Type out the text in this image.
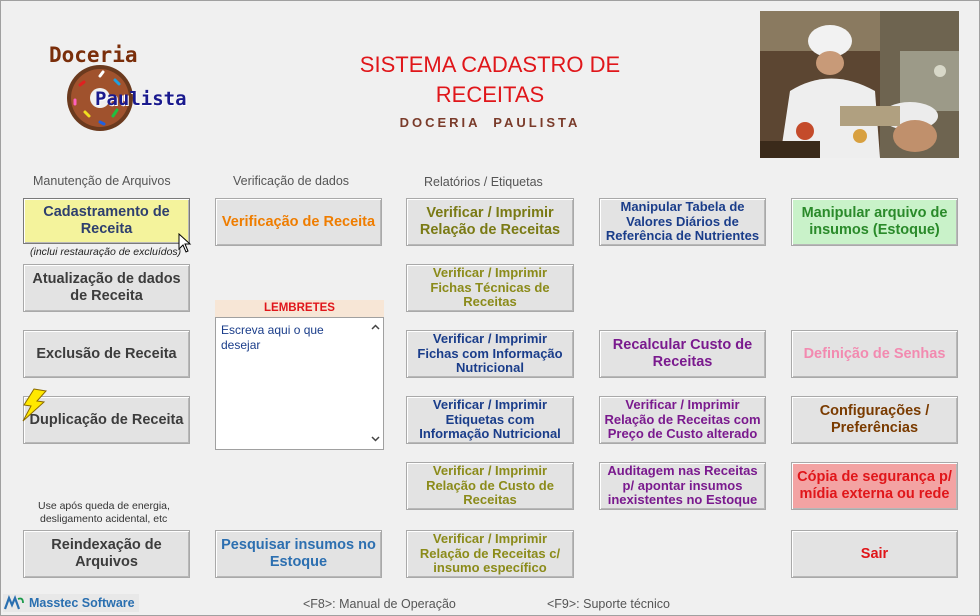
Doceria
Paulista
SISTEMA CADASTRO DE
RECEITAS
DOCERIA  PAULISTA
Manutenção de Arquivos	Verificação de dados	Relatórios / Etiquetas
Cadastramento de Receita
(inclui restauração de excluídos)
Atualização de dados de Receita
Exclusão de Receita
Duplicação de Receita
Use após queda de energia,
desligamento acidental, etc
Reindexação de Arquivos
Verificação de Receita
LEMBRETES
Escreva aqui o que desejar
Pesquisar insumos no Estoque
Verificar / Imprimir Relação de Receitas
Verificar / Imprimir Fichas Técnicas de Receitas
Verificar / Imprimir Fichas com Informação Nutricional
Verificar / Imprimir Etiquetas com Informação Nutricional
Verificar / Imprimir Relação de Custo de Receitas
Verificar / Imprimir Relação de Receitas c/ insumo específico
Manipular Tabela de Valores Diários de Referência de Nutrientes
Recalcular Custo de Receitas
Verificar / Imprimir Relação de Receitas com Preço de Custo alterado
Auditagem nas Receitas p/ apontar insumos inexistentes no Estoque
Manipular arquivo de insumos (Estoque)
Definição de Senhas
Configurações / Preferências
Cópia de segurança p/ mídia externa ou rede
Sair
Masstec Software	<F8>: Manual de Operação	<F9>: Suporte técnico
